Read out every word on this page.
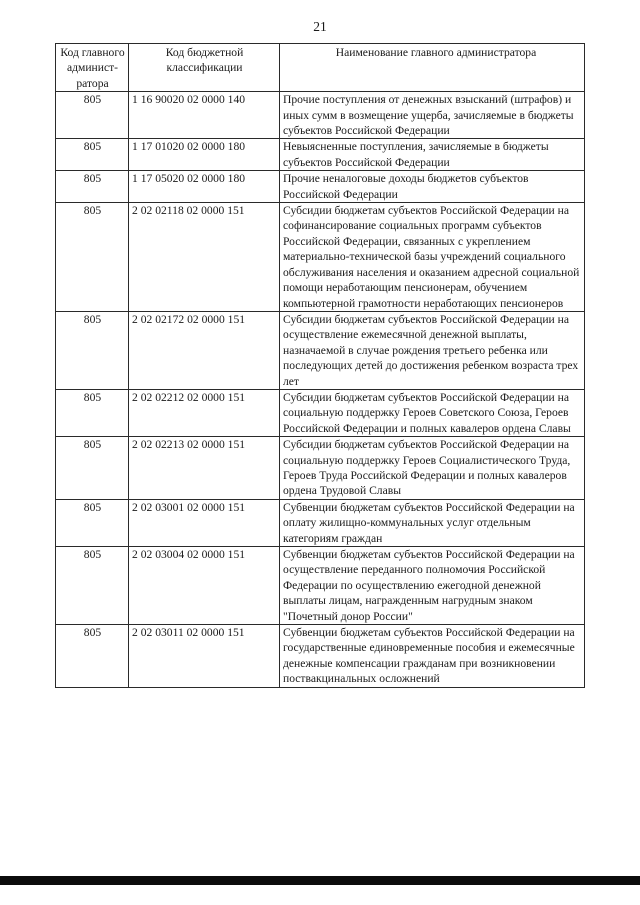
21
Код главного админист-ратора	Код бюджетной классификации	Наименование главного администратора
805	1 16 90020 02 0000 140	Прочие поступления от денежных взысканий (штрафов) и иных сумм в возмещение ущерба, зачисляемые в бюджеты субъектов Российской Федерации
805	1 17 01020 02 0000 180	Невыясненные поступления, зачисляемые в бюджеты субъектов Российской Федерации
805	1 17 05020 02 0000 180	Прочие неналоговые доходы бюджетов субъектов Российской Федерации
805	2 02 02118 02 0000 151	Субсидии бюджетам субъектов Российской Федерации на софинансирование социальных программ субъектов Российской Федерации, связанных с укреплением материально-технической базы учреждений социального обслуживания населения и оказанием адресной социальной помощи неработающим пенсионерам, обучением компьютерной грамотности неработающих пенсионеров
805	2 02 02172 02 0000 151	Субсидии бюджетам субъектов Российской Федерации на осуществление ежемесячной денежной выплаты, назначаемой в случае рождения третьего ребенка или последующих детей до достижения ребенком возраста трех лет
805	2 02 02212 02 0000 151	Субсидии бюджетам субъектов Российской Федерации на социальную поддержку Героев Советского Союза, Героев Российской Федерации и полных кавалеров ордена Славы
805	2 02 02213 02 0000 151	Субсидии бюджетам субъектов Российской Федерации на социальную поддержку Героев Социалистического Труда, Героев Труда Российской Федерации и полных кавалеров ордена Трудовой Славы
805	2 02 03001 02 0000 151	Субвенции бюджетам субъектов Российской Федерации на оплату жилищно-коммунальных услуг отдельным категориям граждан
805	2 02 03004 02 0000 151	Субвенции бюджетам субъектов Российской Федерации на осуществление переданного полномочия Российской Федерации по осуществлению ежегодной денежной выплаты лицам, награжденным нагрудным знаком "Почетный донор России"
805	2 02 03011 02 0000 151	Субвенции бюджетам субъектов Российской Федерации на государственные единовременные пособия и ежемесячные денежные компенсации гражданам при возникновении поствакцинальных осложнений
